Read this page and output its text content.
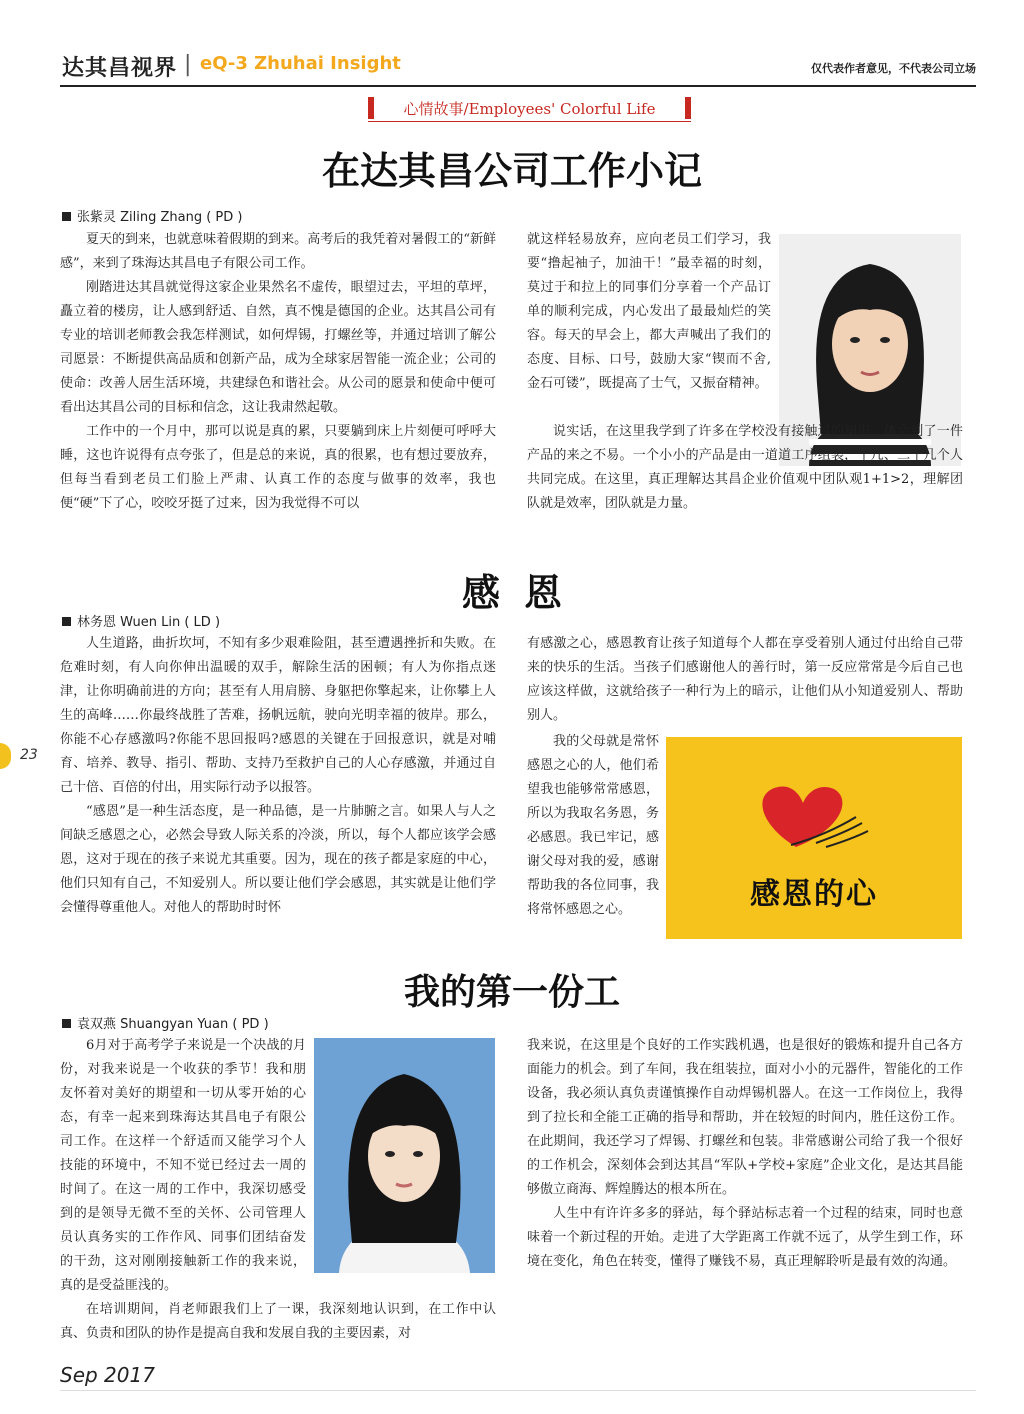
达其昌视界 | eQ-3 Zhuhai Insight	仅代表作者意见，不代表公司立场
心情故事/Employees' Colorful Life
在达其昌公司工作小记
张紫灵 Ziling Zhang ( PD )

夏天的到来，也就意味着假期的到来。高考后的我凭着对暑假工的“新鲜感”，来到了珠海达其昌电子有限公司工作。

刚踏进达其昌就觉得这家企业果然名不虚传，眼望过去，平坦的草坪，矗立着的楼房，让人感到舒适、自然，真不愧是德国的企业。达其昌公司有专业的培训老师教会我怎样测试，如何焊锡，打螺丝等，并通过培训了解公司愿景：不断提供高品质和创新产品，成为全球家居智能一流企业；公司的使命：改善人居生活环境，共建绿色和谐社会。从公司的愿景和使命中便可看出达其昌公司的目标和信念，这让我肃然起敬。

工作中的一个月中，那可以说是真的累，只要躺到床上片刻便可呼呼大睡，这也许说得有点夸张了，但是总的来说，真的很累，也有想过要放弃，但每当看到老员工们脸上严肃、认真工作的态度与做事的效率，我也便“硬”下了心，咬咬牙挺了过来，因为我觉得不可以

就这样轻易放弃，应向老员工们学习，我要“撸起袖子，加油干！”最幸福的时刻，莫过于和拉上的同事们分享着一个产品订单的顺利完成，内心发出了最最灿烂的笑容。每天的早会上，都大声喊出了我们的态度、目标、口号，鼓励大家“锲而不舍,金石可镂”，既提高了士气，又振奋精神。

说实话，在这里我学到了许多在学校没有接触过的知识，体会到了一件产品的来之不易。一个小小的产品是由一道道工序组装，十几、二十几个人共同完成。在这里，真正理解达其昌企业价值观中团队观1+1>2，理解团队就是效率，团队就是力量。

感恩
林务恩 Wuen Lin ( LD )

人生道路，曲折坎坷，不知有多少艰难险阻，甚至遭遇挫折和失败。在危难时刻，有人向你伸出温暖的双手，解除生活的困顿；有人为你指点迷津，让你明确前进的方向；甚至有人用肩膀、身躯把你擎起来，让你攀上人生的高峰……你最终战胜了苦难，扬帆远航，驶向光明幸福的彼岸。那么，你能不心存感激吗?你能不思回报吗?感恩的关键在于回报意识，就是对哺育、培养、教导、指引、帮助、支持乃至救护自己的人心存感激，并通过自己十倍、百倍的付出，用实际行动予以报答。

“感恩”是一种生活态度，是一种品德，是一片肺腑之言。如果人与人之间缺乏感恩之心，必然会导致人际关系的冷淡，所以，每个人都应该学会感恩，这对于现在的孩子来说尤其重要。因为，现在的孩子都是家庭的中心，他们只知有自己，不知爱别人。所以要让他们学会感恩，其实就是让他们学会懂得尊重他人。对他人的帮助时时怀

有感激之心，感恩教育让孩子知道每个人都在享受着别人通过付出给自己带来的快乐的生活。当孩子们感谢他人的善行时，第一反应常常是今后自己也应该这样做，这就给孩子一种行为上的暗示，让他们从小知道爱别人、帮助别人。

我的父母就是常怀感恩之心的人，他们希望我也能够常常感恩，所以为我取名务恩，务必感恩。我已牢记，感谢父母对我的爱，感谢帮助我的各位同事，我将常怀感恩之心。	感恩的心
我的第一份工
袁双燕 Shuangyan Yuan ( PD )

6月对于高考学子来说是一个决战的月份，对我来说是一个收获的季节！我和朋友怀着对美好的期望和一切从零开始的心态，有幸一起来到珠海达其昌电子有限公司工作。在这样一个舒适而又能学习个人技能的环境中，不知不觉已经过去一周的时间了。在这一周的工作中，我深切感受到的是领导无微不至的关怀、公司管理人员认真务实的工作作风、同事们团结奋发的干劲，这对刚刚接触新工作的我来说，真的是受益匪浅的。

在培训期间，肖老师跟我们上了一课，我深刻地认识到，在工作中认真、负责和团队的协作是提高自我和发展自我的主要因素，对

我来说，在这里是个良好的工作实践机遇，也是很好的锻炼和提升自己各方面能力的机会。到了车间，我在组装拉，面对小小的元器件，智能化的工作设备，我必须认真负责谨慎操作自动焊锡机器人。在这一工作岗位上，我得到了拉长和全能工正确的指导和帮助，并在较短的时间内，胜任这份工作。在此期间，我还学习了焊锡、打螺丝和包装。非常感谢公司给了我一个很好的工作机会，深刻体会到达其昌“军队+学校+家庭”企业文化，是达其昌能够傲立商海、辉煌腾达的根本所在。

人生中有许许多多的驿站，每个驿站标志着一个过程的结束，同时也意味着一个新过程的开始。走进了大学距离工作就不远了，从学生到工作，环境在变化，角色在转变，懂得了赚钱不易，真正理解聆听是最有效的沟通。

23
Sep 2017
